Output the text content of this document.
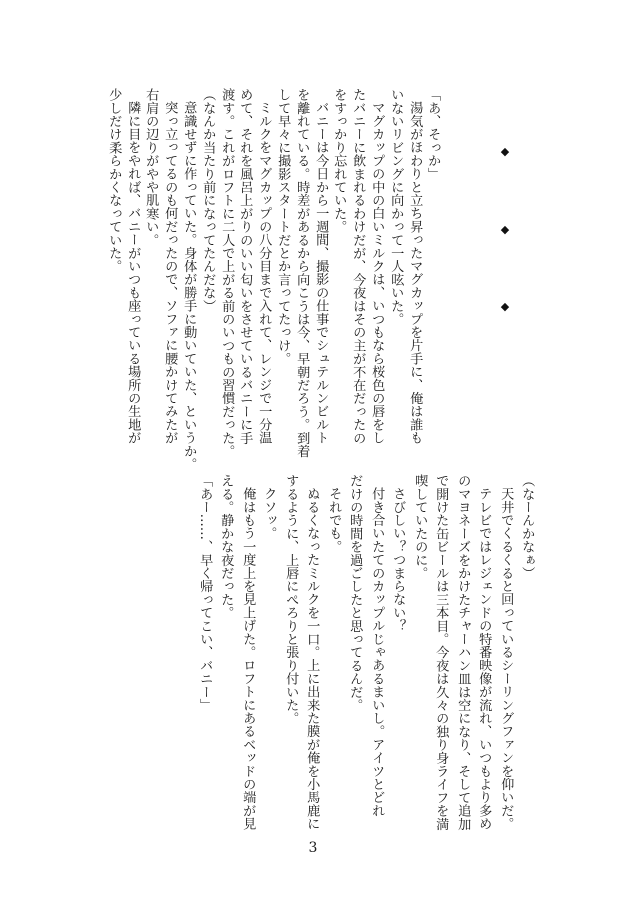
◆
◆
◆
「あ、そっか」
湯気がほわりと立ち昇ったマグカップを片手に、俺は誰も
いないリビングに向かって一人呟いた。
マグカップの中の白いミルクは、いつもなら桜色の唇をし
たバニーに飲まれるわけだが、今夜はその主が不在だったの
をすっかり忘れていた。
バニーは今日から一週間、撮影の仕事でシュテルンビルト
を離れている。時差があるから向こうは今、早朝だろう。到着
して早々に撮影スタートだとか言ってたっけ。
ミルクをマグカップの八分目まで入れて、レンジで一分温
めて、それを風呂上がりのいい匂いをさせているバニーに手
渡す。これがロフトに二人で上がる前のいつもの習慣だった。
（なんか当たり前になってたんだな）
意識せずに作っていた。身体が勝手に動いていた、というか。
突っ立ってるのも何だったので、ソファに腰かけてみたが
右肩の辺りがやや肌寒い。
隣に目をやれば、バニーがいつも座っている場所の生地が
少しだけ柔らかくなっていた。
（なーんかなぁ）
天井でくるくると回っているシーリングファンを仰いだ。
テレビではレジェンドの特番映像が流れ、いつもより多め
のマヨネーズをかけたチャーハン皿は空になり、そして追加
で開けた缶ビールは三本目。今夜は久々の独り身ライフを満
喫していたのに。
さびしい？つまらない？
付き合いたてのカップルじゃあるまいし。アイツとどれ
だけの時間を過ごしたと思ってるんだ。
それでも。
ぬるくなったミルクを一口。上に出来た膜が俺を小馬鹿に
するように、上唇にぺろりと張り付いた。
クソッ。
俺はもう一度上を見上げた。ロフトにあるベッドの端が見
える。静かな夜だった。
「あー……、早く帰ってこい、バニー」
3
